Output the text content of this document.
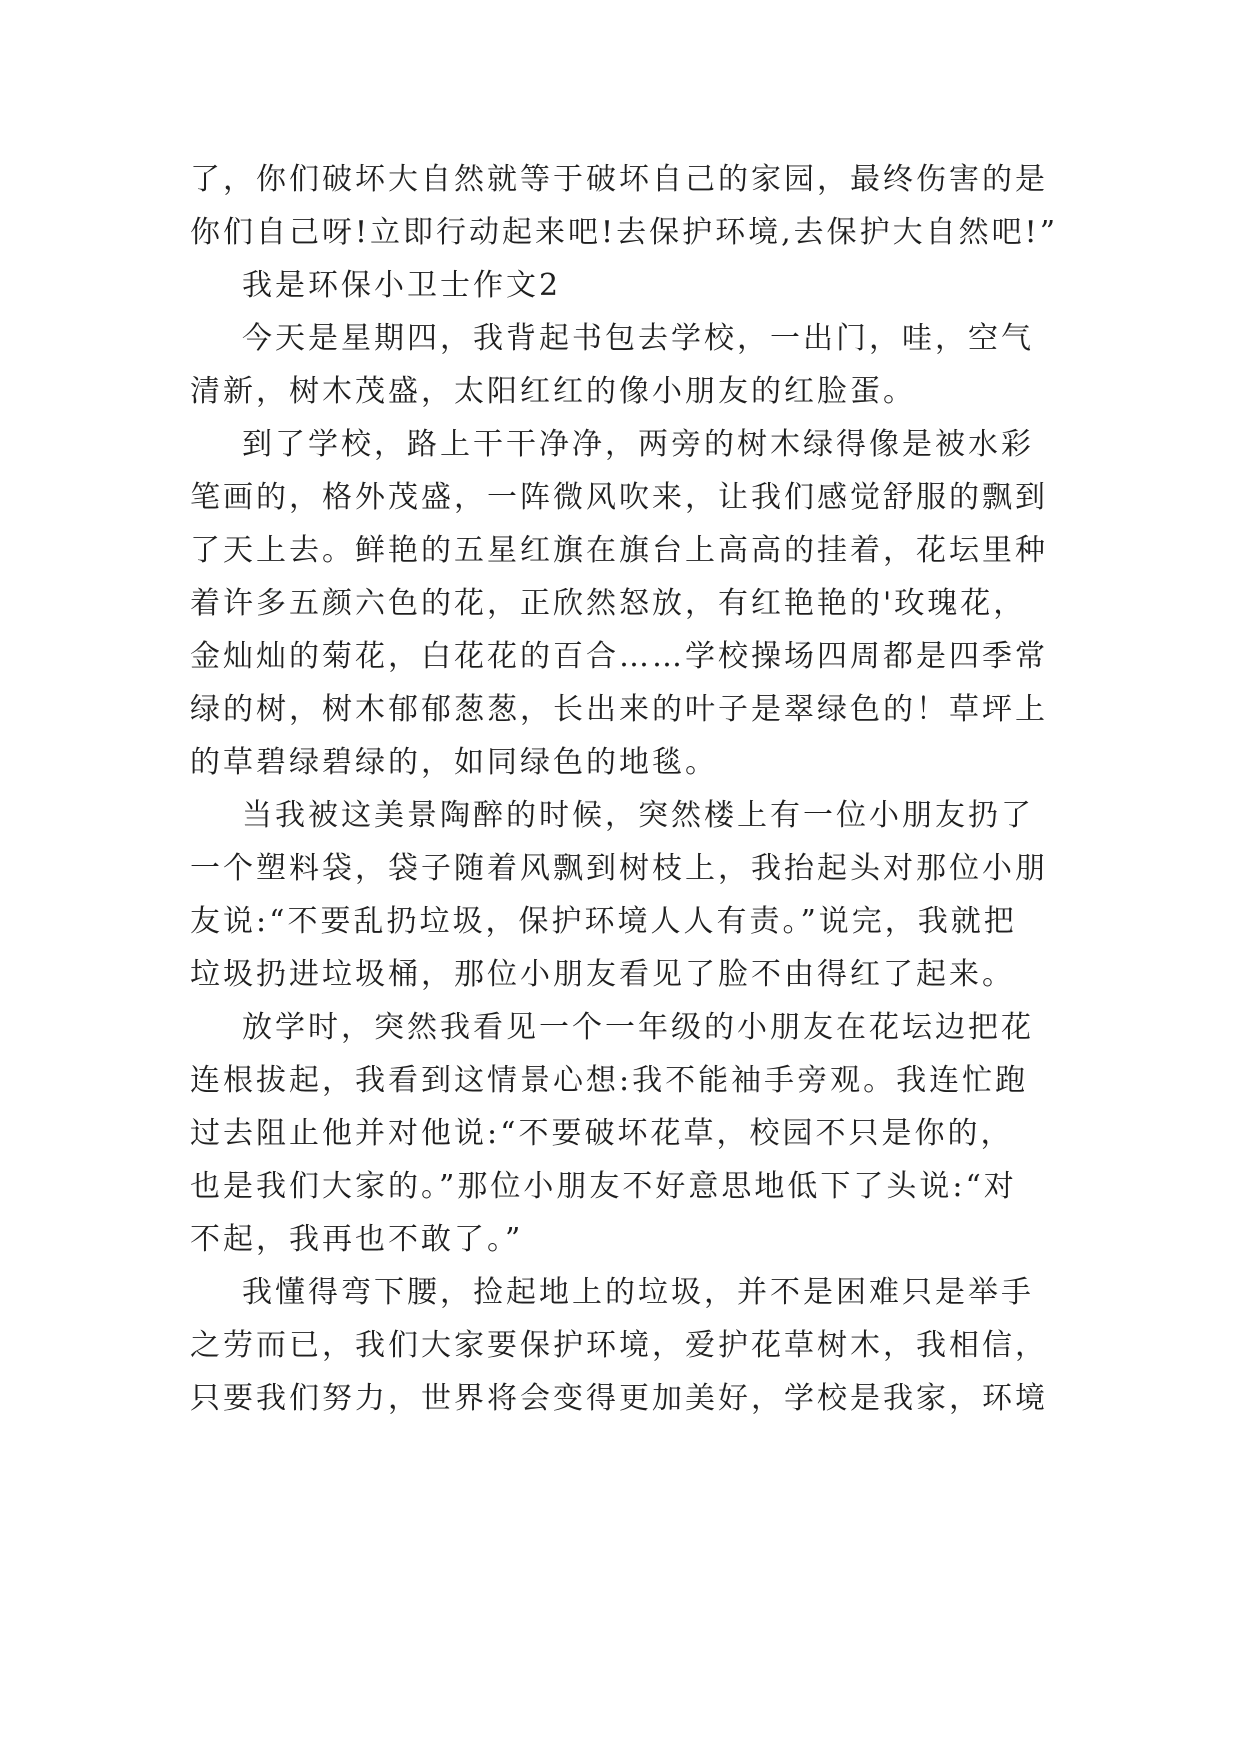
了，你们破坏大自然就等于破坏自己的家园，最终伤害的是
你们自己呀!立即行动起来吧!去保护环境,去保护大自然吧!”
我是环保小卫士作文2
今天是星期四，我背起书包去学校，一出门，哇，空气
清新，树木茂盛，太阳红红的像小朋友的红脸蛋。
到了学校，路上干干净净，两旁的树木绿得像是被水彩
笔画的，格外茂盛，一阵微风吹来，让我们感觉舒服的飘到
了天上去。鲜艳的五星红旗在旗台上高高的挂着，花坛里种
着许多五颜六色的花，正欣然怒放，有红艳艳的'玫瑰花，
金灿灿的菊花，白花花的百合……学校操场四周都是四季常
绿的树，树木郁郁葱葱，长出来的叶子是翠绿色的！草坪上
的草碧绿碧绿的，如同绿色的地毯。
当我被这美景陶醉的时候，突然楼上有一位小朋友扔了
一个塑料袋，袋子随着风飘到树枝上，我抬起头对那位小朋
友说:“不要乱扔垃圾，保护环境人人有责。”说完，我就把
垃圾扔进垃圾桶，那位小朋友看见了脸不由得红了起来。
放学时，突然我看见一个一年级的小朋友在花坛边把花
连根拔起，我看到这情景心想:我不能袖手旁观。我连忙跑
过去阻止他并对他说:“不要破坏花草，校园不只是你的，
也是我们大家的。”那位小朋友不好意思地低下了头说:“对
不起，我再也不敢了。”
我懂得弯下腰，捡起地上的垃圾，并不是困难只是举手
之劳而已，我们大家要保护环境，爱护花草树木，我相信，
只要我们努力，世界将会变得更加美好，学校是我家，环境
